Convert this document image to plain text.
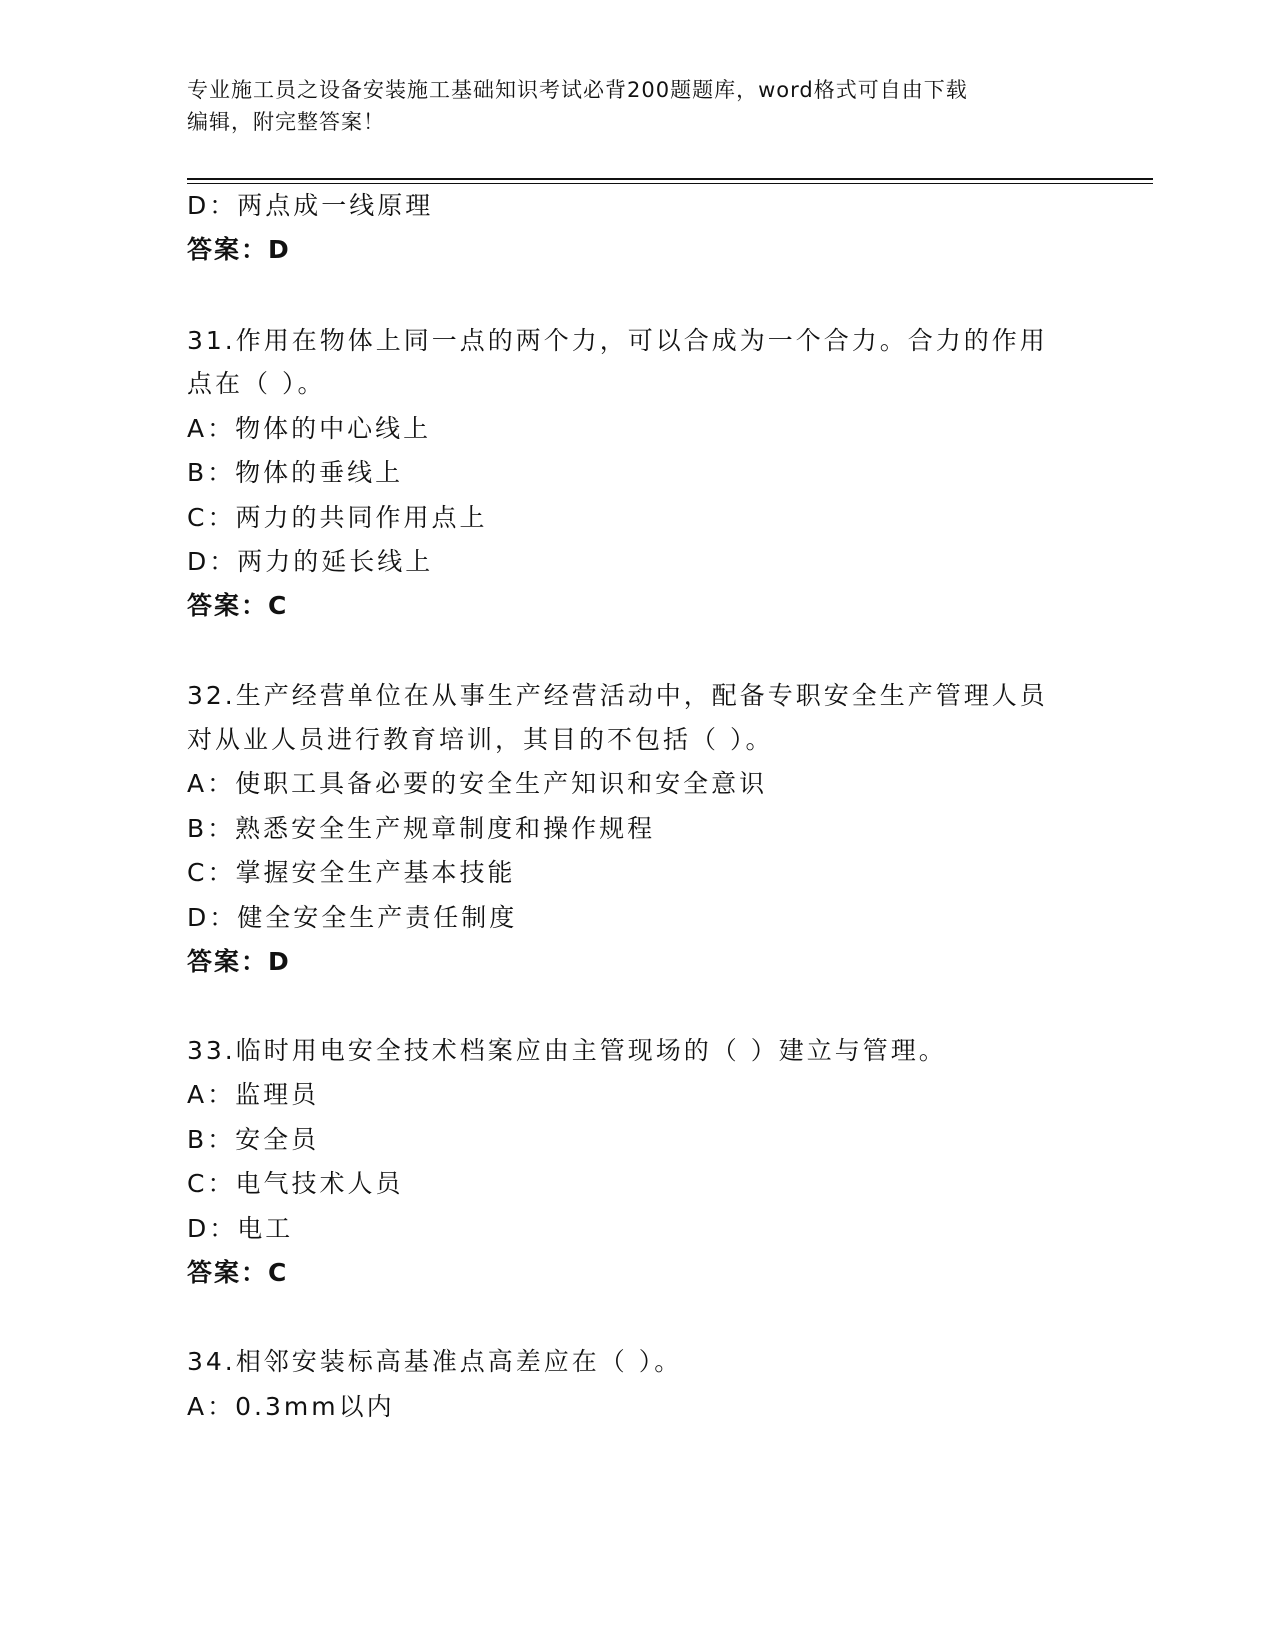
专业施工员之设备安装施工基础知识考试必背200题题库，word格式可自由下载
编辑，附完整答案！
D：两点成一线原理
答案：D
31.作用在物体上同一点的两个力，可以合成为一个合力。合力的作用
点在（ ）。
A：物体的中心线上
B：物体的垂线上
C：两力的共同作用点上
D：两力的延长线上
答案：C
32.生产经营单位在从事生产经营活动中，配备专职安全生产管理人员
对从业人员进行教育培训，其目的不包括（ ）。
A：使职工具备必要的安全生产知识和安全意识
B：熟悉安全生产规章制度和操作规程
C：掌握安全生产基本技能
D：健全安全生产责任制度
答案：D
33.临时用电安全技术档案应由主管现场的（ ）建立与管理。
A：监理员
B：安全员
C：电气技术人员
D：电工
答案：C
34.相邻安装标高基准点高差应在（ ）。
A：0.3mm以内
